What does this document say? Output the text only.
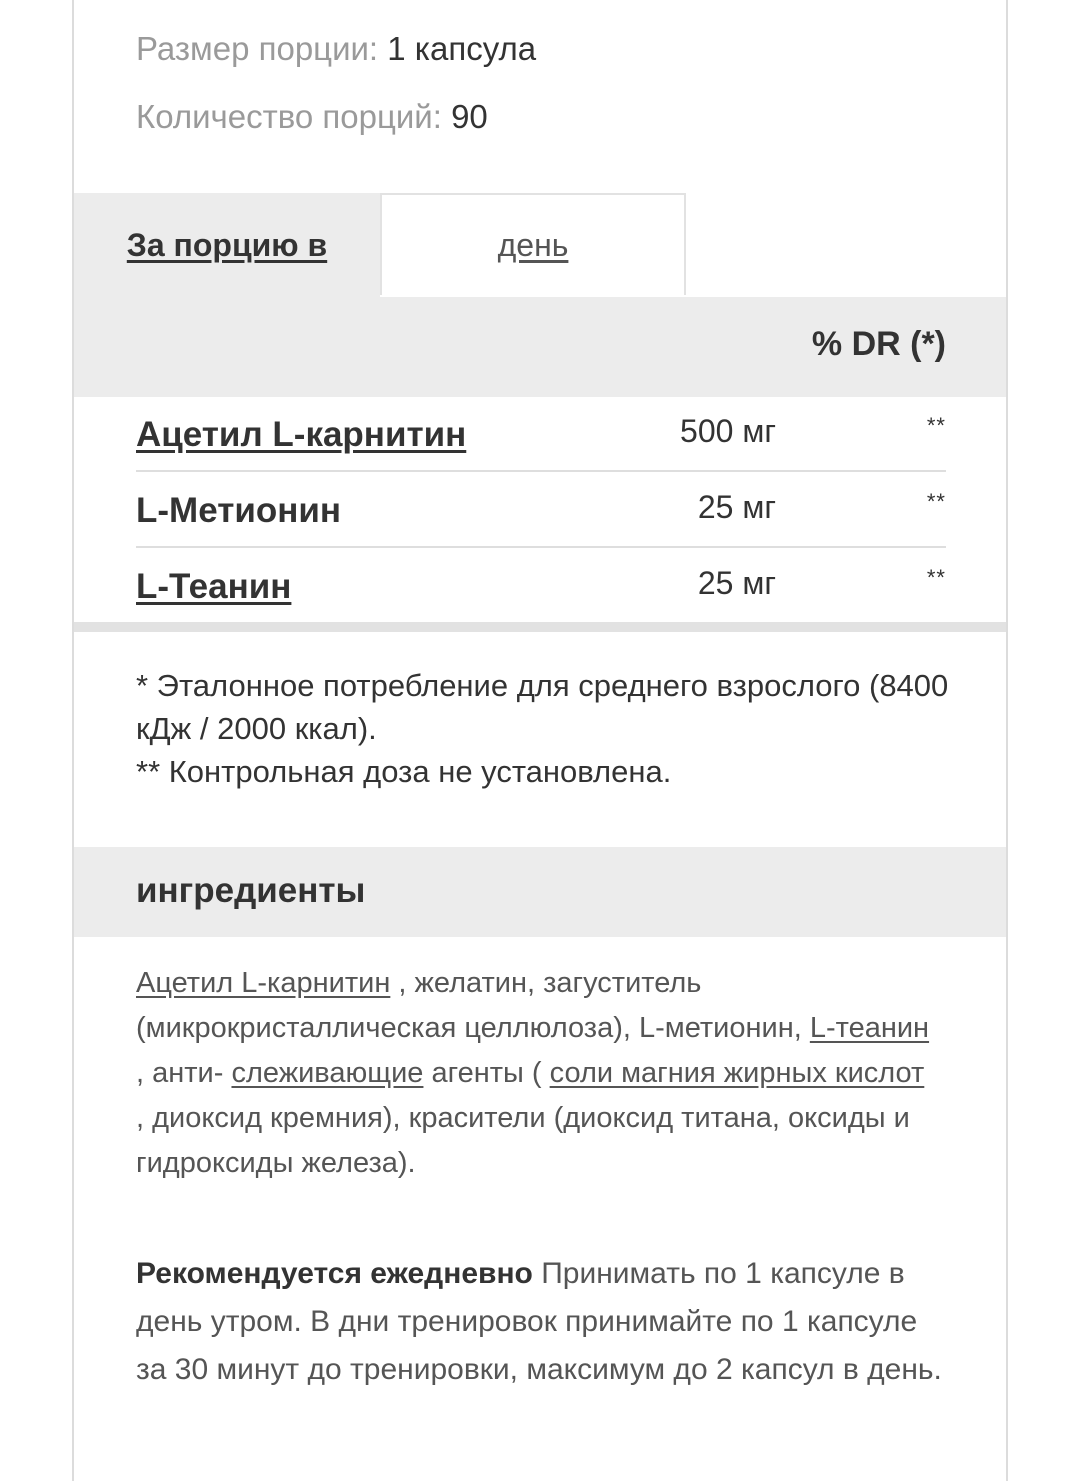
Размер порции: 1 капсула
Количество порций: 90
За порцию в	день
% DR (*)
Ацетил L-карнитин	500 мг	**
L-Метионин	25 мг	**
L-Теанин	25 мг	**

* Эталонное потребление для среднего взрослого (8400 кДж / 2000 ккал).

** Контрольная доза не установлена.

ингредиенты
Ацетил L-карнитин , желатин, загуститель (микрокристаллическая целлюлоза), L-метионин, L-теанин , анти- слеживающие агенты ( соли магния жирных кислот , диоксид кремния), красители (диоксид титана, оксиды и гидроксиды железа).
Рекомендуется ежедневно Принимать по 1 капсуле в день утром. В дни тренировок принимайте по 1 капсуле за 30 минут до тренировки, максимум до 2 капсул в день.
